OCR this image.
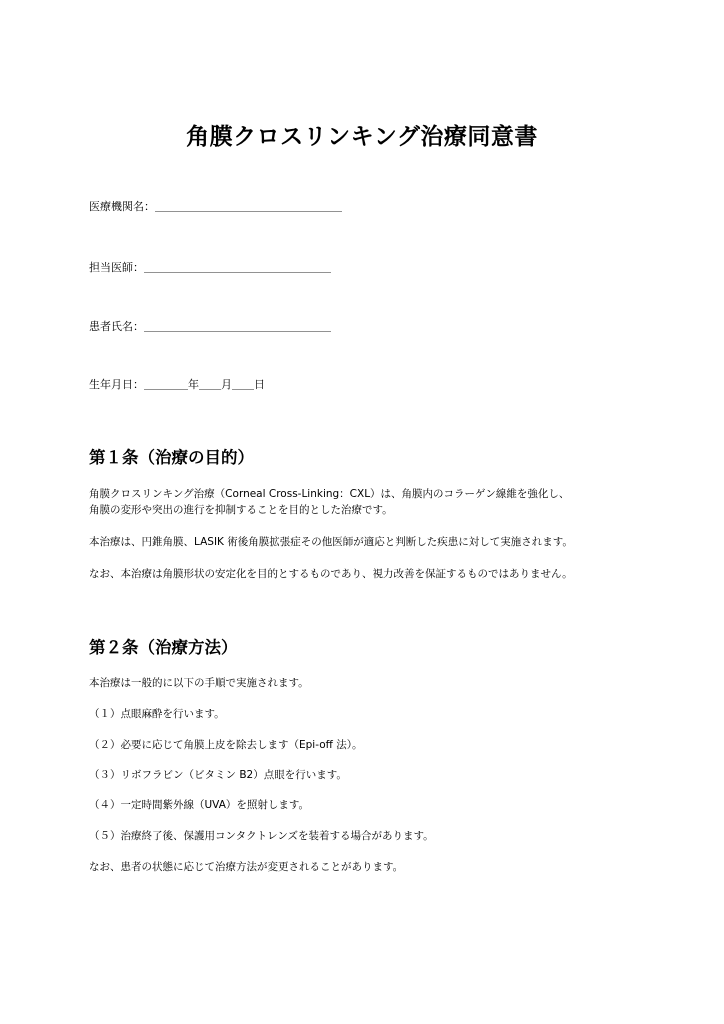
角膜クロスリンキング治療同意書
医療機関名：＿＿＿＿＿＿＿＿＿＿＿＿＿＿＿＿＿
担当医師：＿＿＿＿＿＿＿＿＿＿＿＿＿＿＿＿＿
患者氏名：＿＿＿＿＿＿＿＿＿＿＿＿＿＿＿＿＿
生年月日：＿＿＿＿年＿＿月＿＿日
第１条（治療の目的）
角膜クロスリンキング治療（Corneal Cross-Linking：CXL）は、角膜内のコラーゲン線維を強化し、
角膜の変形や突出の進行を抑制することを目的とした治療です。
本治療は、円錐角膜、LASIK 術後角膜拡張症その他医師が適応と判断した疾患に対して実施されます。
なお、本治療は角膜形状の安定化を目的とするものであり、視力改善を保証するものではありません。
第２条（治療方法）
本治療は一般的に以下の手順で実施されます。
（１）点眼麻酔を行います。
（２）必要に応じて角膜上皮を除去します（Epi-off 法）。
（３）リボフラビン（ビタミン B2）点眼を行います。
（４）一定時間紫外線（UVA）を照射します。
（５）治療終了後、保護用コンタクトレンズを装着する場合があります。
なお、患者の状態に応じて治療方法が変更されることがあります。
